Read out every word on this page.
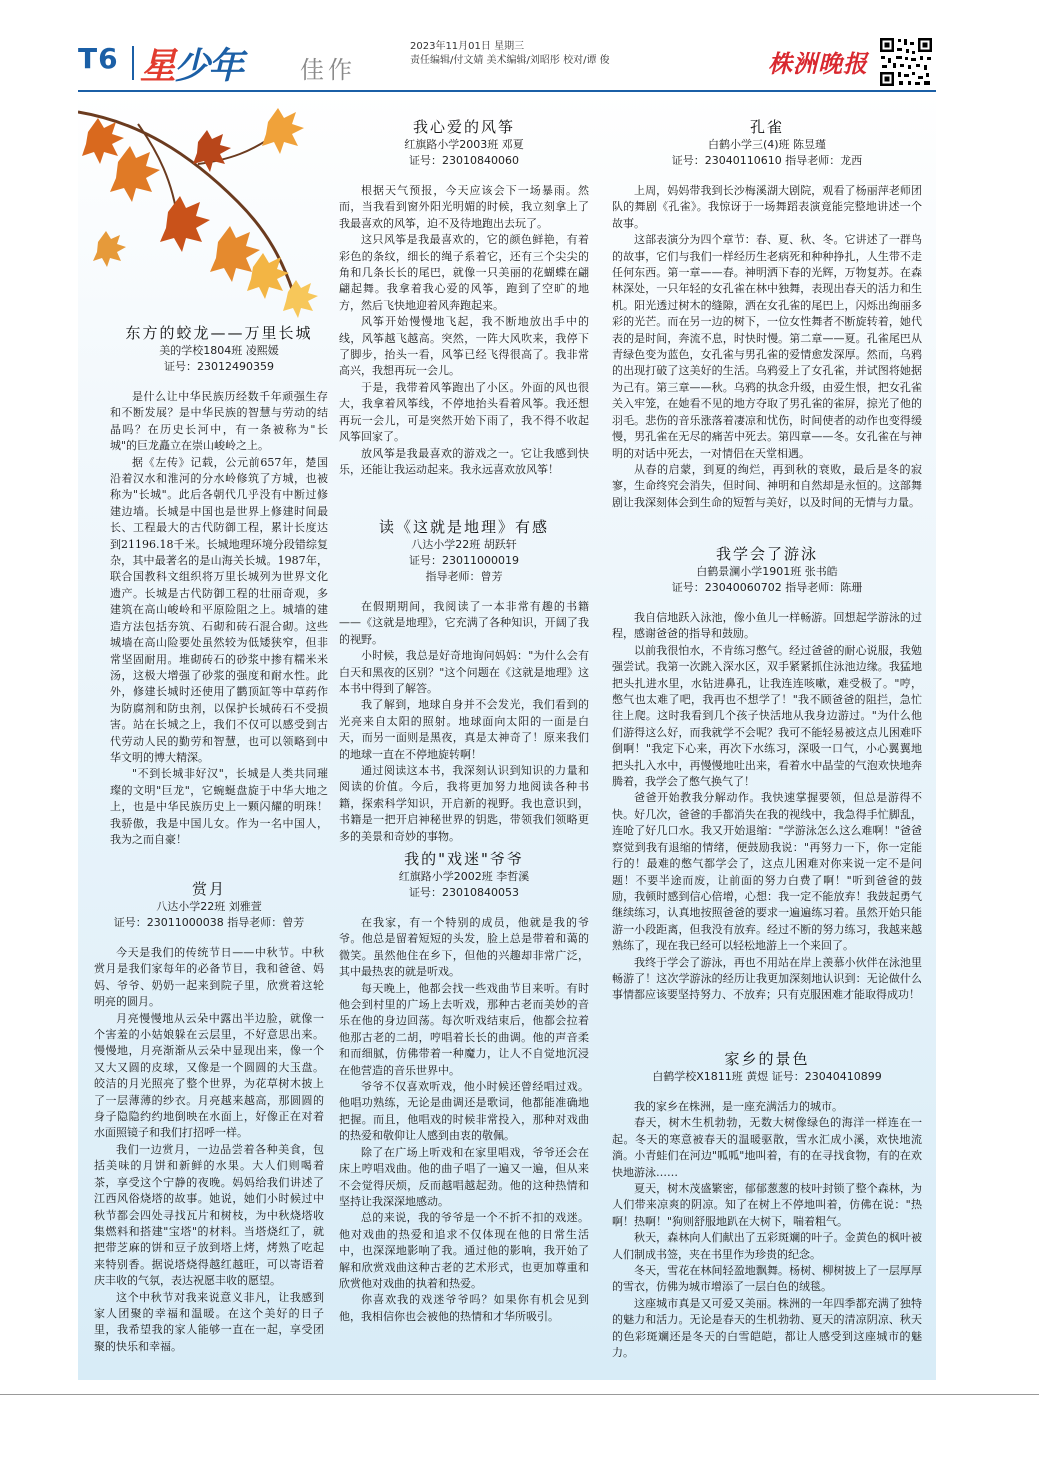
T6 星少年 佳作
2023年11月01日 星期三
责任编辑/付文婧 美术编辑/刘昭彤 校对/谭 俊	株洲晚报
东方的蛟龙——万里长城
美的学校1804班 凌熙媛
证号：23012490359

是什么让中华民族历经数千年顽强生存和不断发展？是中华民族的智慧与劳动的结晶吗？在历史长河中，有一条被称为"长城"的巨龙矗立在崇山峻岭之上。

据《左传》记载，公元前657年，楚国沿着汉水和淮河的分水岭修筑了方城，也被称为"长城"。此后各朝代几乎没有中断过修建边墙。长城是中国也是世界上修建时间最长、工程最大的古代防御工程，累计长度达到21196.18千米。长城地理环境分段错综复杂，其中最著名的是山海关长城。1987年，联合国教科文组织将万里长城列为世界文化遗产。长城是古代防御工程的壮丽奇观，多建筑在高山峻岭和平原险阻之上。城墙的建造方法包括夯筑、石砌和砖石混合砌。这些城墙在高山险要处虽然较为低矮狭窄，但非常坚固耐用。堆砌砖石的砂浆中掺有糯米米汤，这极大增强了砂浆的强度和耐水性。此外，修建长城时还使用了鹳顶缸等中草药作为防腐剂和防虫剂，以保护长城砖石不受损害。站在长城之上，我们不仅可以感受到古代劳动人民的勤劳和智慧，也可以领略到中华文明的博大精深。

"不到长城非好汉"，长城是人类共同璀璨的文明"巨龙"，它蜿蜒盘旋于中华大地之上，也是中华民族历史上一颗闪耀的明珠！我骄傲，我是中国儿女。作为一名中国人，我为之而自豪！

赏月
八达小学22班 刘雅萱
证号：23011000038 指导老师：曾芳

今天是我们的传统节日——中秋节。中秋赏月是我们家每年的必备节目，我和爸爸、妈妈、爷爷、奶奶一起来到院子里，欣赏着这轮明亮的圆月。

月亮慢慢地从云朵中露出半边脸，就像一个害羞的小姑娘躲在云层里，不好意思出来。慢慢地，月亮渐渐从云朵中显现出来，像一个又大又圆的皮球，又像是一个圆圆的大玉盘。皎洁的月光照亮了整个世界，为花草树木披上了一层薄薄的纱衣。月亮越来越高，那圆圆的身子隐隐约约地倒映在水面上，好像正在对着水面照镜子和我们打招呼一样。

我们一边赏月，一边品尝着各种美食，包括美味的月饼和新鲜的水果。大人们则喝着茶，享受这个宁静的夜晚。妈妈给我们讲述了江西风俗烧塔的故事。她说，她们小时候过中秋节都会四处寻找瓦片和树枝，为中秋烧塔收集燃料和搭建"宝塔"的材料。当塔烧红了，就把带芝麻的饼和豆子放到塔上烤，烤熟了吃起来特别香。据说塔烧得越红越旺，可以寄语着庆丰收的气氛，表达祝愿丰收的愿望。

这个中秋节对我来说意义非凡，让我感到家人团聚的幸福和温暖。在这个美好的日子里，我希望我的家人能够一直在一起，享受团聚的快乐和幸福。

我心爱的风筝
红旗路小学2003班 邓夏
证号：23010840060

根据天气预报，今天应该会下一场暴雨。然而，当我看到窗外阳光明媚的时候，我立刻拿上了我最喜欢的风筝，迫不及待地跑出去玩了。

这只风筝是我最喜欢的，它的颜色鲜艳，有着彩色的条纹，细长的绳子系着它，还有三个尖尖的角和几条长长的尾巴，就像一只美丽的花蝴蝶在翩翩起舞。我拿着我心爱的风筝，跑到了空旷的地方，然后飞快地迎着风奔跑起来。

风筝开始慢慢地飞起，我不断地放出手中的线，风筝越飞越高。突然，一阵大风吹来，我停下了脚步，抬头一看，风筝已经飞得很高了。我非常高兴，我想再玩一会儿。

于是，我带着风筝跑出了小区。外面的风也很大，我拿着风筝线，不停地抬头看着风筝。我还想再玩一会儿，可是突然开始下雨了，我不得不收起风筝回家了。

放风筝是我最喜欢的游戏之一。它让我感到快乐，还能让我运动起来。我永远喜欢放风筝！

读《这就是地理》有感
八达小学22班 胡跃轩
证号：23011000019
指导老师：曾芳

在假期期间，我阅读了一本非常有趣的书籍——《这就是地理》，它充满了各种知识，开阔了我的视野。

小时候，我总是好奇地询问妈妈："为什么会有白天和黑夜的区别？"这个问题在《这就是地理》这本书中得到了解答。

我了解到，地球自身并不会发光，我们看到的光亮来自太阳的照射。地球面向太阳的一面是白天，而另一面则是黑夜，真是太神奇了！原来我们的地球一直在不停地旋转啊！

通过阅读这本书，我深刻认识到知识的力量和阅读的价值。今后，我将更加努力地阅读各种书籍，探索科学知识，开启新的视野。我也意识到，书籍是一把开启神秘世界的钥匙，带领我们领略更多的美景和奇妙的事物。

我的"戏迷"爷爷
红旗路小学2002班 李哲溪
证号：23010840053

在我家，有一个特别的成员，他就是我的爷爷。他总是留着短短的头发，脸上总是带着和蔼的微笑。虽然他住在乡下，但他的兴趣却非常广泛，其中最热衷的就是听戏。

每天晚上，他都会找一些戏曲节目来听。有时他会到村里的广场上去听戏，那种古老而美妙的音乐在他的身边回荡。每次听戏结束后，他都会拉着他那古老的二胡，哼唱着长长的曲调。他的声音柔和而细腻，仿佛带着一种魔力，让人不自觉地沉浸在他营造的音乐世界中。

爷爷不仅喜欢听戏，他小时候还曾经唱过戏。他唱功熟练，无论是曲调还是歌词，他都能准确地把握。而且，他唱戏的时候非常投入，那种对戏曲的热爱和敬仰让人感到由衷的敬佩。

除了在广场上听戏和在家里唱戏，爷爷还会在床上哼唱戏曲。他的曲子唱了一遍又一遍，但从来不会觉得厌烦，反而越唱越起劲。他的这种热情和坚持让我深深地感动。

总的来说，我的爷爷是一个不折不扣的戏迷。他对戏曲的热爱和追求不仅体现在他的日常生活中，也深深地影响了我。通过他的影响，我开始了解和欣赏戏曲这种古老的艺术形式，也更加尊重和欣赏他对戏曲的执着和热爱。

你喜欢我的戏迷爷爷吗？如果你有机会见到他，我相信你也会被他的热情和才华所吸引。

孔雀
白鹤小学三(4)班 陈昱瑾
证号：23040110610 指导老师：龙西

上周，妈妈带我到长沙梅溪湖大剧院，观看了杨丽萍老师团队的舞剧《孔雀》。我惊讶于一场舞蹈表演竟能完整地讲述一个故事。

这部表演分为四个章节：春、夏、秋、冬。它讲述了一群鸟的故事，它们与我们一样经历生老病死和种种挣扎，人生带不走任何东西。第一章——春。神明洒下春的光辉，万物复苏。在森林深处，一只年轻的女孔雀在林中独舞，表现出春天的活力和生机。阳光透过树木的缝隙，洒在女孔雀的尾巴上，闪烁出绚丽多彩的光芒。而在另一边的树下，一位女性舞者不断旋转着，她代表的是时间，奔流不息，时快时慢。第二章——夏。孔雀尾巴从青绿色变为蓝色，女孔雀与男孔雀的爱情愈发深厚。然而，乌鸦的出现打破了这美好的生活。乌鸦爱上了女孔雀，并试图将她据为己有。第三章——秋。乌鸦的执念升级，由爱生恨，把女孔雀关入牢笼，在她看不见的地方夺取了男孔雀的雀屏，掠光了他的羽毛。悲伤的音乐涨落着凄凉和忧伤，时间使者的动作也变得缓慢，男孔雀在无尽的痛苦中死去。第四章——冬。女孔雀在与神明的对话中死去，一对情侣在天堂相遇。

从春的启蒙，到夏的绚烂，再到秋的衰败，最后是冬的寂寥，生命终究会消失，但时间、神明和自然却是永恒的。这部舞剧让我深刻体会到生命的短暂与美好，以及时间的无情与力量。

我学会了游泳
白鹤景澜小学1901班 张书皓
证号：23040060702 指导老师：陈珊

我自信地跃入泳池，像小鱼儿一样畅游。回想起学游泳的过程，感谢爸爸的指导和鼓励。

以前我很怕水，不肯练习憋气。经过爸爸的耐心说服，我勉强尝试。我第一次跳入深水区，双手紧紧抓住泳池边缘。我猛地把头扎进水里，水钻进鼻孔，让我连连咳嗽，难受极了。"哼，憋气也太难了吧，我再也不想学了！"我不顾爸爸的阻拦，急忙往上爬。这时我看到几个孩子快活地从我身边游过。"为什么他们游得这么好，而我就学不会呢？我可不能轻易被这点儿困难吓倒啊！"我定下心来，再次下水练习，深吸一口气，小心翼翼地把头扎入水中，再慢慢地吐出来，看着水中晶莹的气泡欢快地奔腾着，我学会了憋气换气了！

爸爸开始教我分解动作。我快速掌握要领，但总是游得不快。好几次，爸爸的手都消失在我的视线中，我急得手忙脚乱，连呛了好几口水。我又开始退缩："学游泳怎么这么难啊！"爸爸察觉到我有退缩的情绪，便鼓励我说："再努力一下，你一定能行的！最难的憋气都学会了，这点儿困难对你来说一定不是问题！不要半途而废，让前面的努力白费了啊！"听到爸爸的鼓励，我顿时感到信心倍增，心想：我一定不能放弃！我鼓起勇气继续练习，认真地按照爸爸的要求一遍遍练习着。虽然开始只能游一小段距离，但我没有放弃。经过不断的努力练习，我越来越熟练了，现在我已经可以轻松地游上一个来回了。

我终于学会了游泳，再也不用站在岸上羡慕小伙伴在泳池里畅游了！这次学游泳的经历让我更加深刻地认识到：无论做什么事情都应该要坚持努力、不放弃；只有克服困难才能取得成功！

家乡的景色
白鹤学校X1811班 黄煜 证号：23040410899

我的家乡在株洲，是一座充满活力的城市。

春天，树木生机勃勃，无数大树像绿色的海洋一样连在一起。冬天的寒意被春天的温暖驱散，雪水汇成小溪，欢快地流淌。小青蛙们在河边"呱呱"地叫着，有的在寻找食物，有的在欢快地游泳……

夏天，树木茂盛繁密，郁郁葱葱的枝叶封锁了整个森林，为人们带来凉爽的阴凉。知了在树上不停地叫着，仿佛在说："热啊！热啊！"狗则舒服地趴在大树下，喘着粗气。

秋天，森林向人们献出了五彩斑斓的叶子。金黄色的枫叶被人们制成书签，夹在书里作为珍贵的纪念。

冬天，雪花在林间轻盈地飘舞。杨树、柳树披上了一层厚厚的雪衣，仿佛为城市增添了一层白色的绒毯。

这座城市真是又可爱又美丽。株洲的一年四季都充满了独特的魅力和活力。无论是春天的生机勃勃、夏天的清凉阴凉、秋天的色彩斑斓还是冬天的白雪皑皑，都让人感受到这座城市的魅力。
